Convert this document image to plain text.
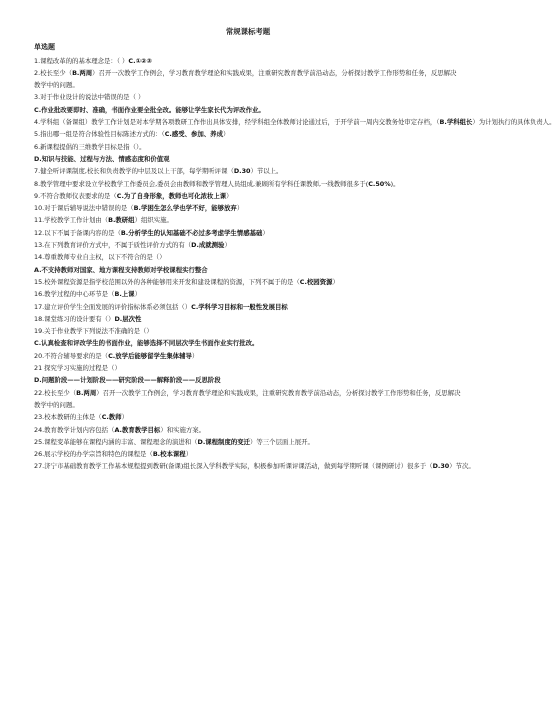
常规课标考题
单选题
1.课程改革的的基本理念是：（ ）C.①②③
2.校长至少（B.两周）召开一次教学工作例会，学习教育教学理论和实践成果，注重研究教育教学前沿动态，分析探讨教学工作形势和任务，反思解决教学中的问题。
3.对于作业设计的说法中错误的是（ ）
C.作业批改要即时、准确，书面作业要全批全改。能够让学生家长代为评改作业。
4.学科组（备课组）教学工作计划是对本学期各项教研工作作出具体安排，经学科组全体教师讨论通过后，于开学前一周内交教务处审定存档，（B.学科组长）为计划执行的具体负责人。
5.指出哪一组是符合体验性目标陈述方式的：（C.感受、参加、养成）
6.新课程提倡的三维教学目标是指（）。
D.知识与技能、过程与方法、情感态度和价值观
7.健全听评课制度,校长和负责教学的中层及以上干部，每学期听评课（D.30）节以上。
8.教学管理中要求设立学校教学工作委员会,委员会由教师和教学管理人员组成,兼顾所有学科任课教师,一线教师很多于(C.50%)。
9.不符合教师仪表要求的是（C.为了自身形象，教师也可化浓妆上课）
10.对于课后辅导说法中错误的是（B.学困生怎么学也学不好，能够放弃）
11.学校教学工作计划由（B.教研组）组织实施。
12.以下不属于备课内容的是（B.分析学生的认知基础不必过多考虑学生情感基础）
13.在下列教育评价方式中，不属于质性评价方式的有（D.成就测验）
14.尊重教师专业自主权，以下不符合的是（）
A.不支持教师对国家、地方课程支持教师对学校课程实行整合
15.校外课程资源是指学校范围以外的各种能够用来开发和建设课程的资源，下列不属于的是（C.校园资源）
16.教学过程的中心环节是（B.上课）
17.建立评价学生全面发展的评价指标体系必须包括（）C.学科学习目标和一般性发展目标
18.课堂练习的设计要有（）D.层次性
19.关于作业教学下列说法不准确的是（）
C.认真检查和评改学生的书面作业，能够选择不同层次学生书面作业实行批改。
20.不符合辅导要求的是（C.放学后能够留学生集体辅导）
21 探究学习实施的过程是（）
D.问题阶段——计划阶段——研究阶段——解释阶段——反思阶段
22.校长至少（B.两周）召开一次教学工作例会，学习教育教学理论和实践成果，注重研究教育教学前沿动态，分析探讨教学工作形势和任务，反思解决教学中的问题。
23.校本教研的主体是（C.教师）
24.教育教学计划内容包括（A.教育教学目标）和实施方案。
25.课程变革能够在课程内涵的丰富、课程理念的演进和（D.课程制度的变迁）等三个层面上展开。
26.展示学校的办学宗旨和特色的课程是（B.校本课程）
27.济宁市基础教育教学工作基本规程提到教研(备课)组长深入学科教学实际，积极参加听课评课活动，做到每学期听课（课例研讨）很多于（D.30）节次。
